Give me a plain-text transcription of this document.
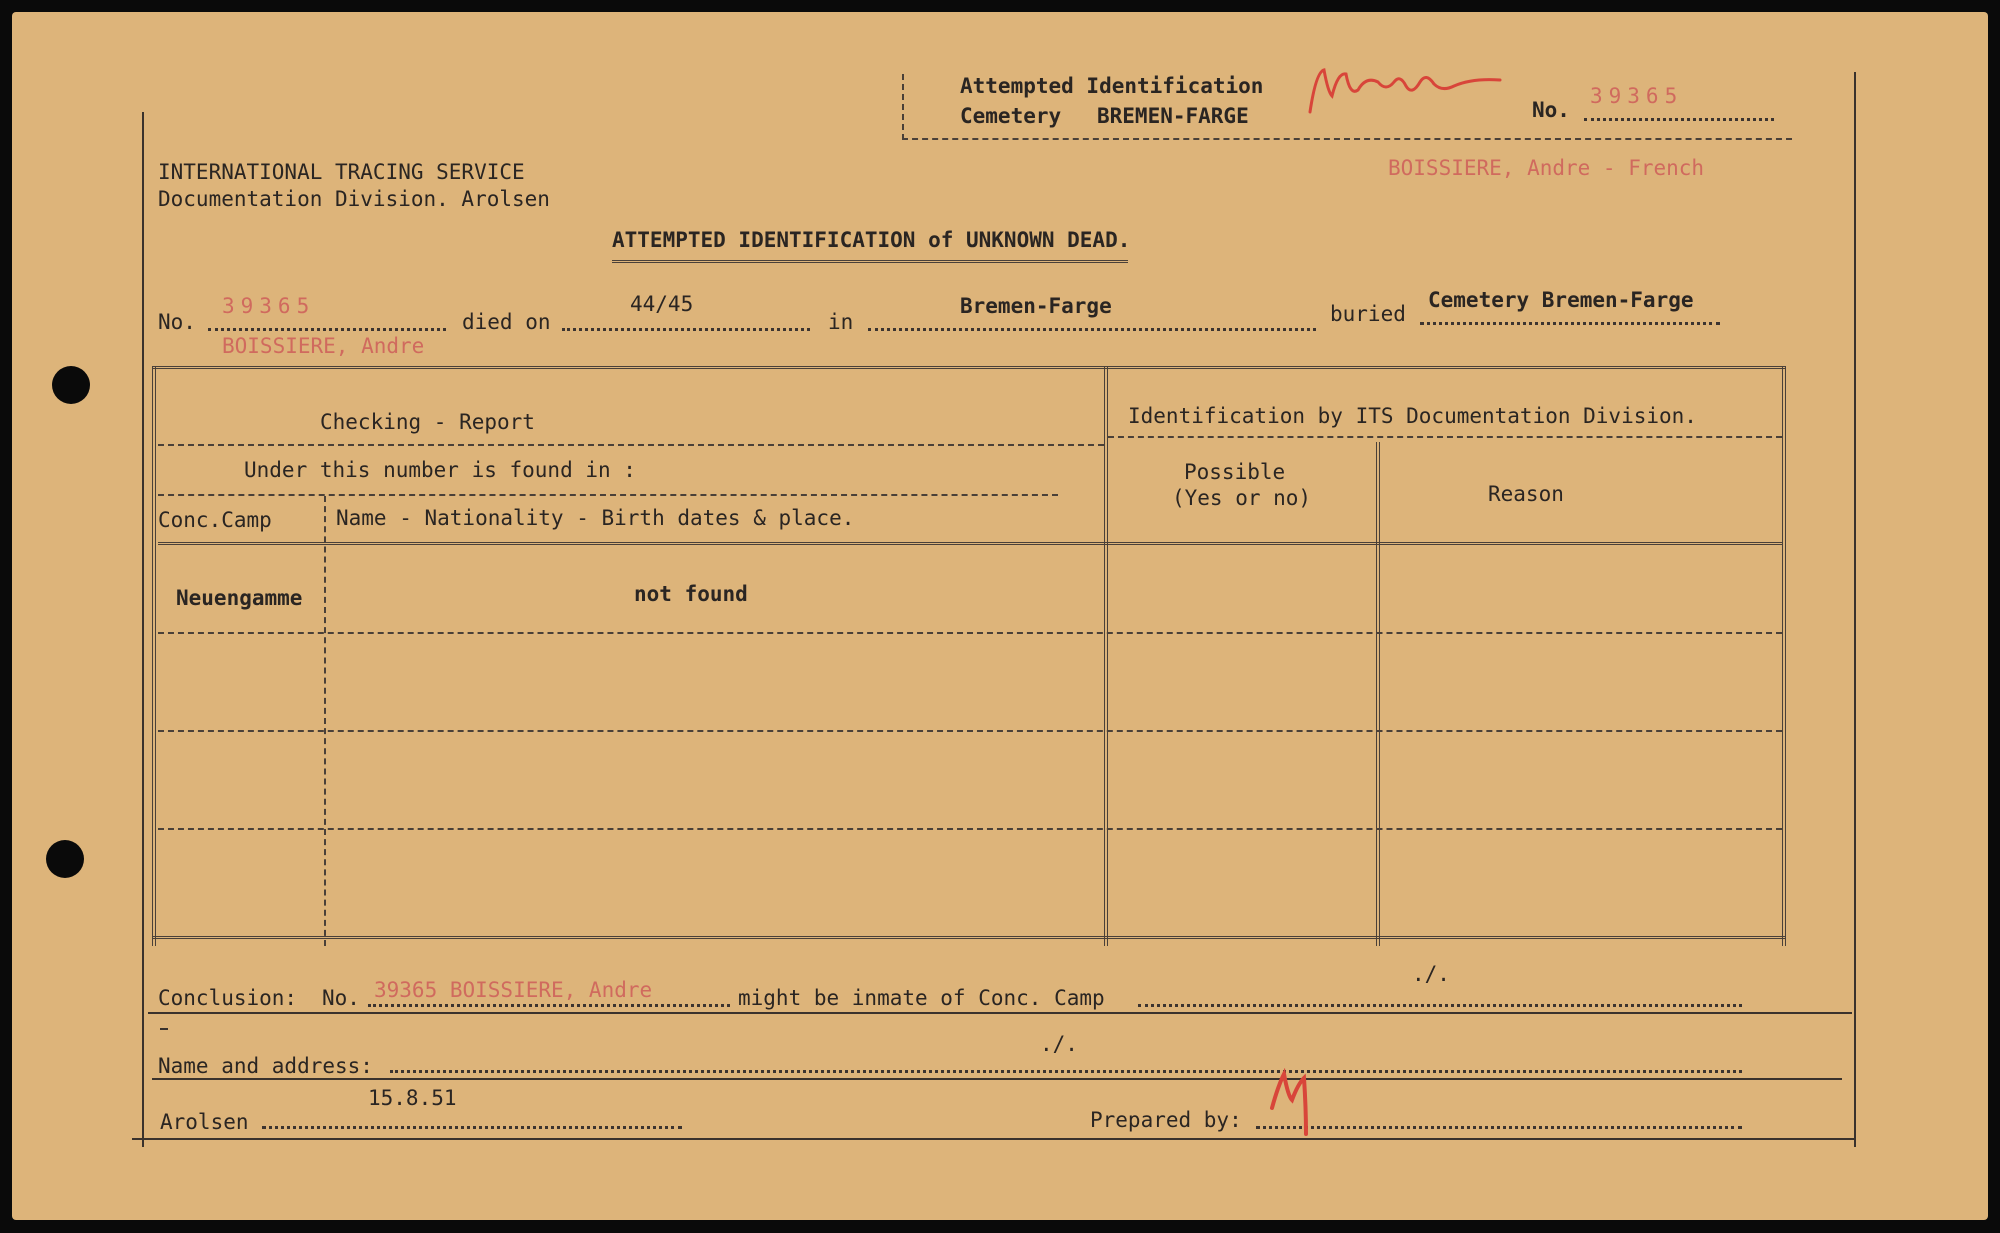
Attempted Identification
Cemetery BREMEN-FARGE	No.
39365
BOISSIERE, Andre - French
INTERNATIONAL TRACING SERVICE
Documentation Division. Arolsen
ATTEMPTED IDENTIFICATION of UNKNOWN DEAD.
No.
39365
died on
44/45
in
Bremen-Farge	buried
Cemetery Bremen-Farge
BOISSIERE, Andre
Checking - Report	Identification by ITS Documentation Division.
Under this number is found in :
Conc.Camp	Name - Nationality - Birth dates & place.
Possible
(Yes or no)	Reason
Neuengamme	not found
Conclusion: No. 39365 BOISSIERE, Andre	might be inmate of Conc. Camp
./.
Name and address:
./.
Arolsen
15.8.51
Prepared by:
